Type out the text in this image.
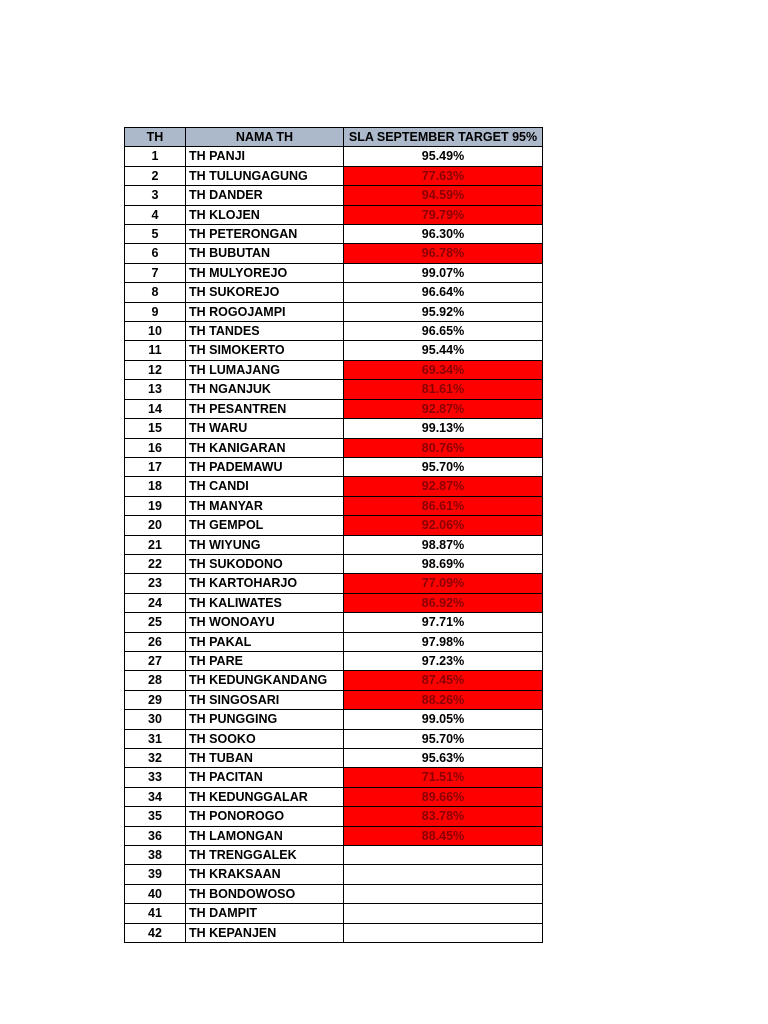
TH	NAMA TH	SLA SEPTEMBER TARGET 95%
1	TH PANJI	95.49%
2	TH TULUNGAGUNG	77.63%
3	TH DANDER	94.59%
4	TH KLOJEN	79.79%
5	TH PETERONGAN	96.30%
6	TH BUBUTAN	96.78%
7	TH MULYOREJO	99.07%
8	TH SUKOREJO	96.64%
9	TH ROGOJAMPI	95.92%
10	TH TANDES	96.65%
11	TH SIMOKERTO	95.44%
12	TH LUMAJANG	69.34%
13	TH NGANJUK	81.61%
14	TH PESANTREN	92.87%
15	TH WARU	99.13%
16	TH KANIGARAN	80.76%
17	TH PADEMAWU	95.70%
18	TH CANDI	92.87%
19	TH MANYAR	86.61%
20	TH GEMPOL	92.06%
21	TH WIYUNG	98.87%
22	TH SUKODONO	98.69%
23	TH KARTOHARJO	77.09%
24	TH KALIWATES	86.92%
25	TH WONOAYU	97.71%
26	TH PAKAL	97.98%
27	TH PARE	97.23%
28	TH KEDUNGKANDANG	87.45%
29	TH SINGOSARI	88.26%
30	TH PUNGGING	99.05%
31	TH SOOKO	95.70%
32	TH TUBAN	95.63%
33	TH PACITAN	71.51%
34	TH KEDUNGGALAR	89.66%
35	TH PONOROGO	83.78%
36	TH LAMONGAN	88.45%
38	TH TRENGGALEK	
39	TH KRAKSAAN	
40	TH BONDOWOSO	
41	TH DAMPIT	
42	TH KEPANJEN	
